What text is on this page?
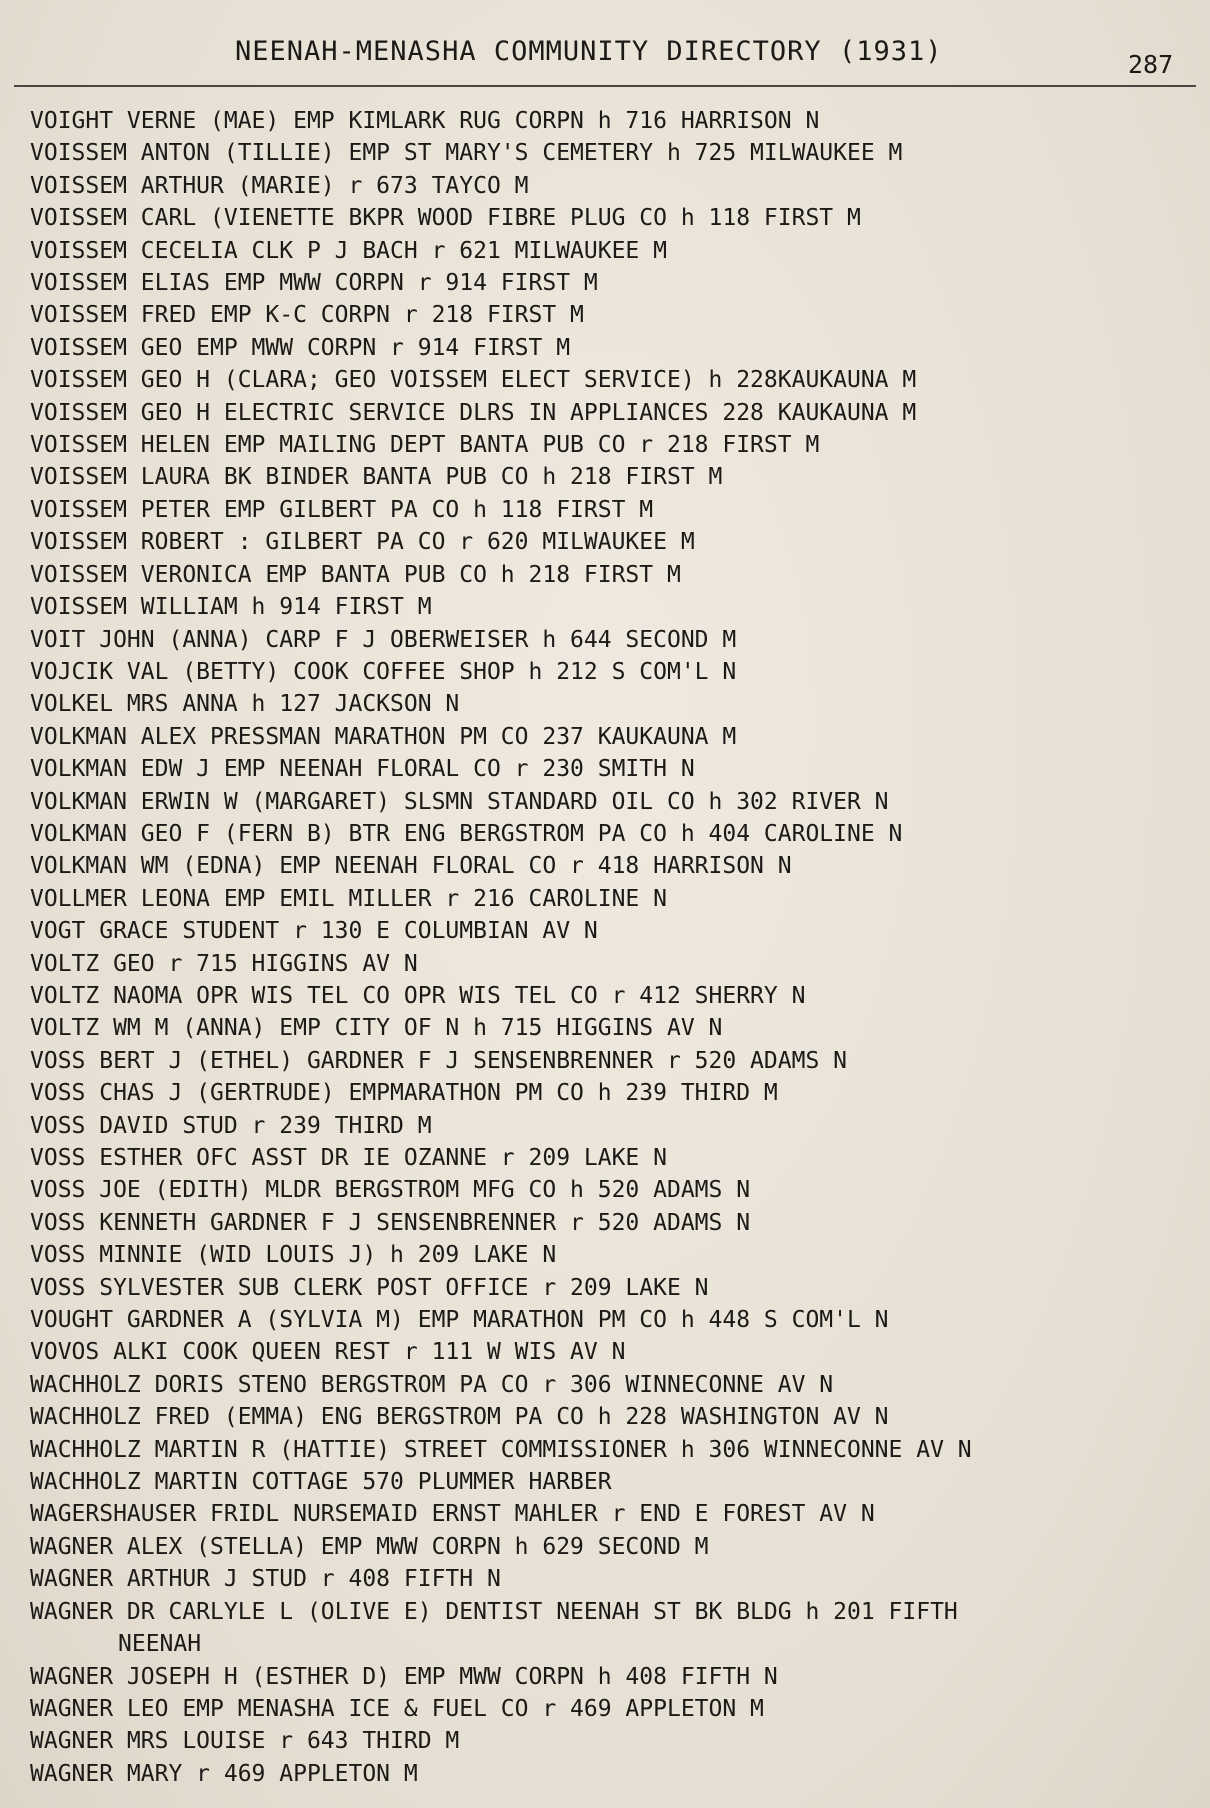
NEENAH-MENASHA COMMUNITY DIRECTORY (1931)	287
VOIGHT VERNE (MAE) EMP KIMLARK RUG CORPN h 716 HARRISON N
VOISSEM ANTON (TILLIE) EMP ST MARY'S CEMETERY h 725 MILWAUKEE M
VOISSEM ARTHUR (MARIE) r 673 TAYCO M
VOISSEM CARL (VIENETTE BKPR WOOD FIBRE PLUG CO h 118 FIRST M
VOISSEM CECELIA CLK P J BACH r 621 MILWAUKEE M
VOISSEM ELIAS EMP MWW CORPN r 914 FIRST M
VOISSEM FRED EMP K-C CORPN r 218 FIRST M
VOISSEM GEO EMP MWW CORPN r 914 FIRST M
VOISSEM GEO H (CLARA; GEO VOISSEM ELECT SERVICE) h 228KAUKAUNA M
VOISSEM GEO H ELECTRIC SERVICE DLRS IN APPLIANCES 228 KAUKAUNA M
VOISSEM HELEN EMP MAILING DEPT BANTA PUB CO r 218 FIRST M
VOISSEM LAURA BK BINDER BANTA PUB CO h 218 FIRST M
VOISSEM PETER EMP GILBERT PA CO h 118 FIRST M
VOISSEM ROBERT : GILBERT PA CO r 620 MILWAUKEE M
VOISSEM VERONICA EMP BANTA PUB CO h 218 FIRST M
VOISSEM WILLIAM h 914 FIRST M
VOIT JOHN (ANNA) CARP F J OBERWEISER h 644 SECOND M
VOJCIK VAL (BETTY) COOK COFFEE SHOP h 212 S COM'L N
VOLKEL MRS ANNA h 127 JACKSON N
VOLKMAN ALEX PRESSMAN MARATHON PM CO 237 KAUKAUNA M
VOLKMAN EDW J EMP NEENAH FLORAL CO r 230 SMITH N
VOLKMAN ERWIN W (MARGARET) SLSMN STANDARD OIL CO h 302 RIVER N
VOLKMAN GEO F (FERN B) BTR ENG BERGSTROM PA CO h 404 CAROLINE N
VOLKMAN WM (EDNA) EMP NEENAH FLORAL CO r 418 HARRISON N
VOLLMER LEONA EMP EMIL MILLER r 216 CAROLINE N
VOGT GRACE STUDENT r 130 E COLUMBIAN AV N
VOLTZ GEO r 715 HIGGINS AV N
VOLTZ NAOMA OPR WIS TEL CO OPR WIS TEL CO r 412 SHERRY N
VOLTZ WM M (ANNA) EMP CITY OF N h 715 HIGGINS AV N
VOSS BERT J (ETHEL) GARDNER F J SENSENBRENNER r 520 ADAMS N
VOSS CHAS J (GERTRUDE) EMPMARATHON PM CO h 239 THIRD M
VOSS DAVID STUD r 239 THIRD M
VOSS ESTHER OFC ASST DR IE OZANNE r 209 LAKE N
VOSS JOE (EDITH) MLDR BERGSTROM MFG CO h 520 ADAMS N
VOSS KENNETH GARDNER F J SENSENBRENNER r 520 ADAMS N
VOSS MINNIE (WID LOUIS J) h 209 LAKE N
VOSS SYLVESTER SUB CLERK POST OFFICE r 209 LAKE N
VOUGHT GARDNER A (SYLVIA M) EMP MARATHON PM CO h 448 S COM'L N
VOVOS ALKI COOK QUEEN REST r 111 W WIS AV N
WACHHOLZ DORIS STENO BERGSTROM PA CO r 306 WINNECONNE AV N
WACHHOLZ FRED (EMMA) ENG BERGSTROM PA CO h 228 WASHINGTON AV N
WACHHOLZ MARTIN R (HATTIE) STREET COMMISSIONER h 306 WINNECONNE AV N
WACHHOLZ MARTIN COTTAGE 570 PLUMMER HARBER
WAGERSHAUSER FRIDL NURSEMAID ERNST MAHLER r END E FOREST AV N
WAGNER ALEX (STELLA) EMP MWW CORPN h 629 SECOND M
WAGNER ARTHUR J STUD r 408 FIFTH N
WAGNER DR CARLYLE L (OLIVE E) DENTIST NEENAH ST BK BLDG h 201 FIFTH
NEENAH
WAGNER JOSEPH H (ESTHER D) EMP MWW CORPN h 408 FIFTH N
WAGNER LEO EMP MENASHA ICE & FUEL CO r 469 APPLETON M
WAGNER MRS LOUISE r 643 THIRD M
WAGNER MARY r 469 APPLETON M
